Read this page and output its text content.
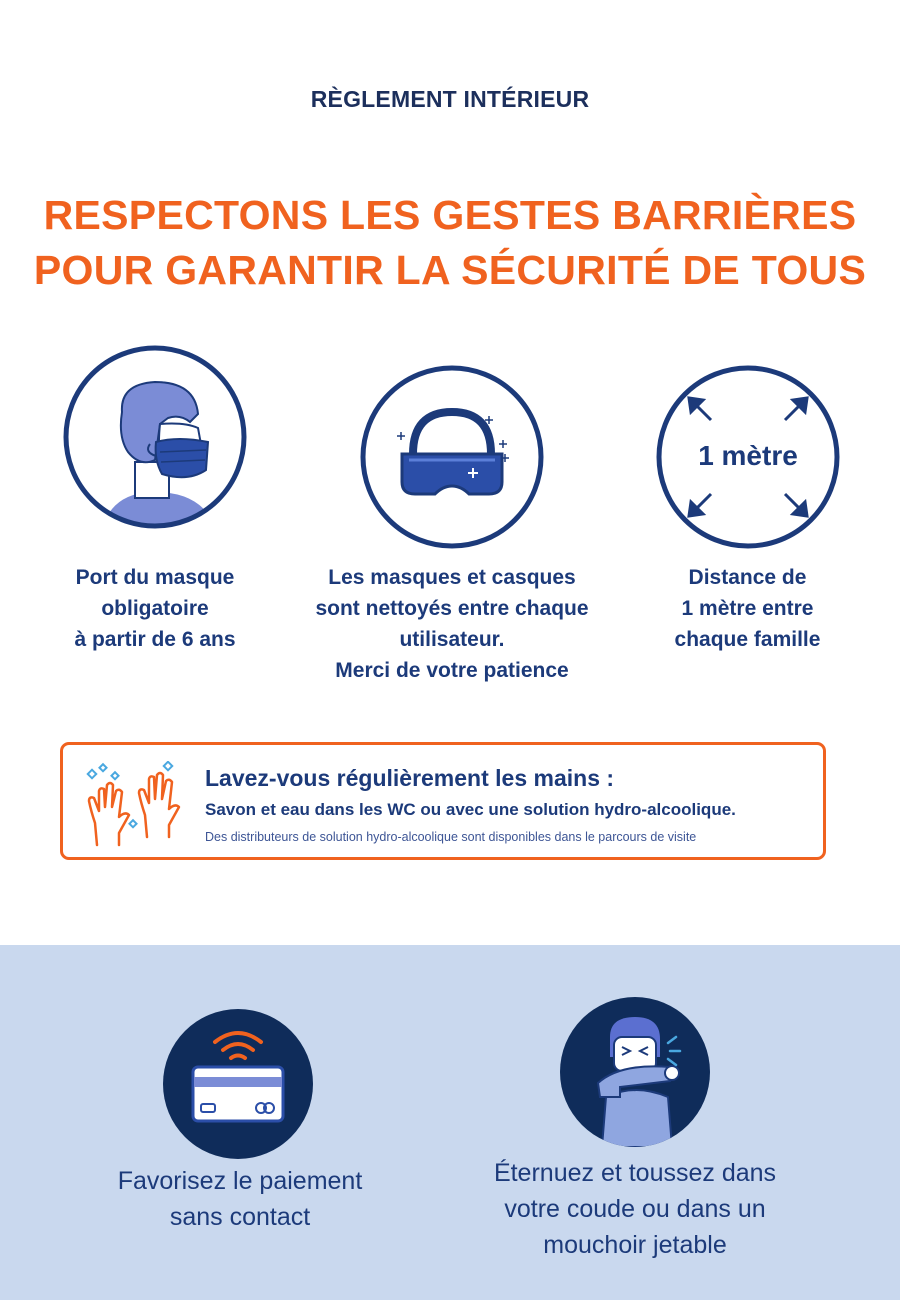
RÈGLEMENT INTÉRIEUR
RESPECTONS LES GESTES BARRIÈRES
POUR GARANTIR LA SÉCURITÉ DE TOUS
1 mètre
Port du masque
obligatoire
à partir de 6 ans
Les masques et casques
sont nettoyés entre chaque
utilisateur.
Merci de votre patience
Distance de
1 mètre entre
chaque famille
Lavez-vous régulièrement les mains :
Savon et eau dans les WC ou avec une solution hydro-alcoolique.
Des distributeurs de solution hydro-alcoolique sont disponibles dans le parcours de visite
Favorisez le paiement
sans contact
Éternuez et toussez dans
votre coude ou dans un
mouchoir jetable
